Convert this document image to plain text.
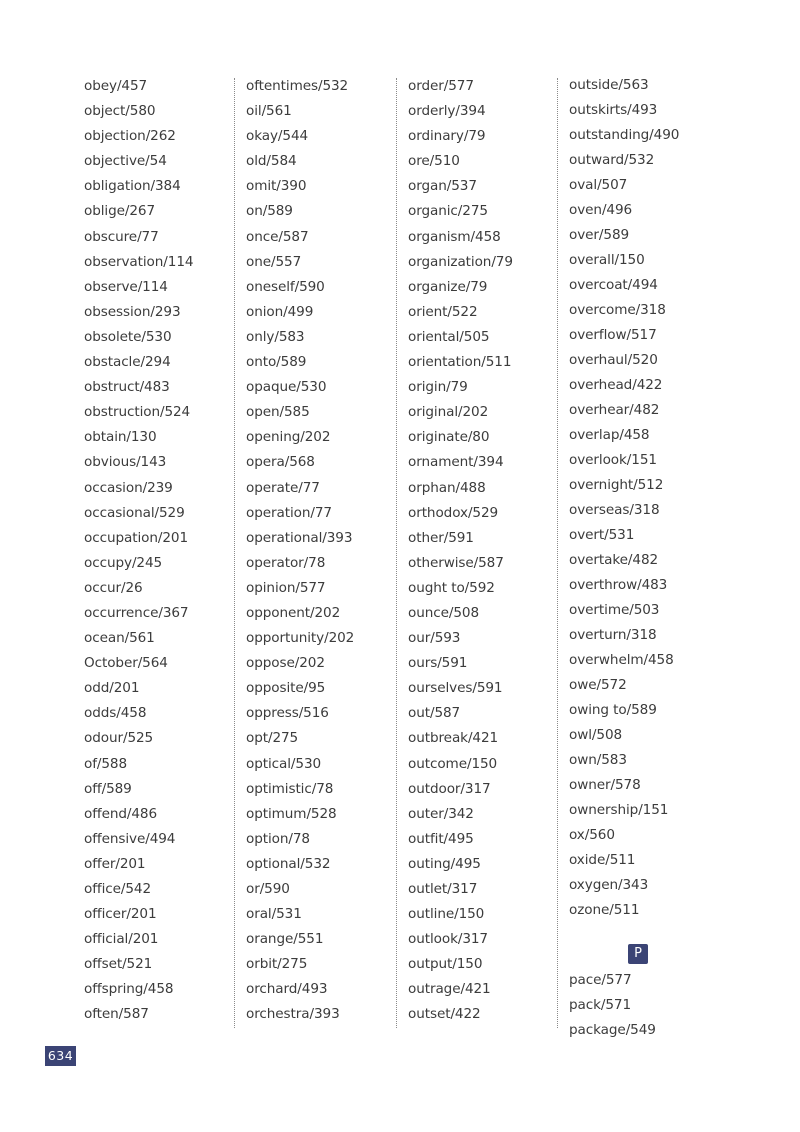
obey/457
object/580
objection/262
objective/54
obligation/384
oblige/267
obscure/77
observation/114
observe/114
obsession/293
obsolete/530
obstacle/294
obstruct/483
obstruction/524
obtain/130
obvious/143
occasion/239
occasional/529
occupation/201
occupy/245
occur/26
occurrence/367
ocean/561
October/564
odd/201
odds/458
odour/525
of/588
off/589
offend/486
offensive/494
offer/201
office/542
officer/201
official/201
offset/521
offspring/458
often/587
oftentimes/532
oil/561
okay/544
old/584
omit/390
on/589
once/587
one/557
oneself/590
onion/499
only/583
onto/589
opaque/530
open/585
opening/202
opera/568
operate/77
operation/77
operational/393
operator/78
opinion/577
opponent/202
opportunity/202
oppose/202
opposite/95
oppress/516
opt/275
optical/530
optimistic/78
optimum/528
option/78
optional/532
or/590
oral/531
orange/551
orbit/275
orchard/493
orchestra/393
order/577
orderly/394
ordinary/79
ore/510
organ/537
organic/275
organism/458
organization/79
organize/79
orient/522
oriental/505
orientation/511
origin/79
original/202
originate/80
ornament/394
orphan/488
orthodox/529
other/591
otherwise/587
ought to/592
ounce/508
our/593
ours/591
ourselves/591
out/587
outbreak/421
outcome/150
outdoor/317
outer/342
outfit/495
outing/495
outlet/317
outline/150
outlook/317
output/150
outrage/421
outset/422
outside/563
outskirts/493
outstanding/490
outward/532
oval/507
oven/496
over/589
overall/150
overcoat/494
overcome/318
overflow/517
overhaul/520
overhead/422
overhear/482
overlap/458
overlook/151
overnight/512
overseas/318
overt/531
overtake/482
overthrow/483
overtime/503
overturn/318
overwhelm/458
owe/572
owing to/589
owl/508
own/583
owner/578
ownership/151
ox/560
oxide/511
oxygen/343
ozone/511
P
pace/577
pack/571
package/549
634
